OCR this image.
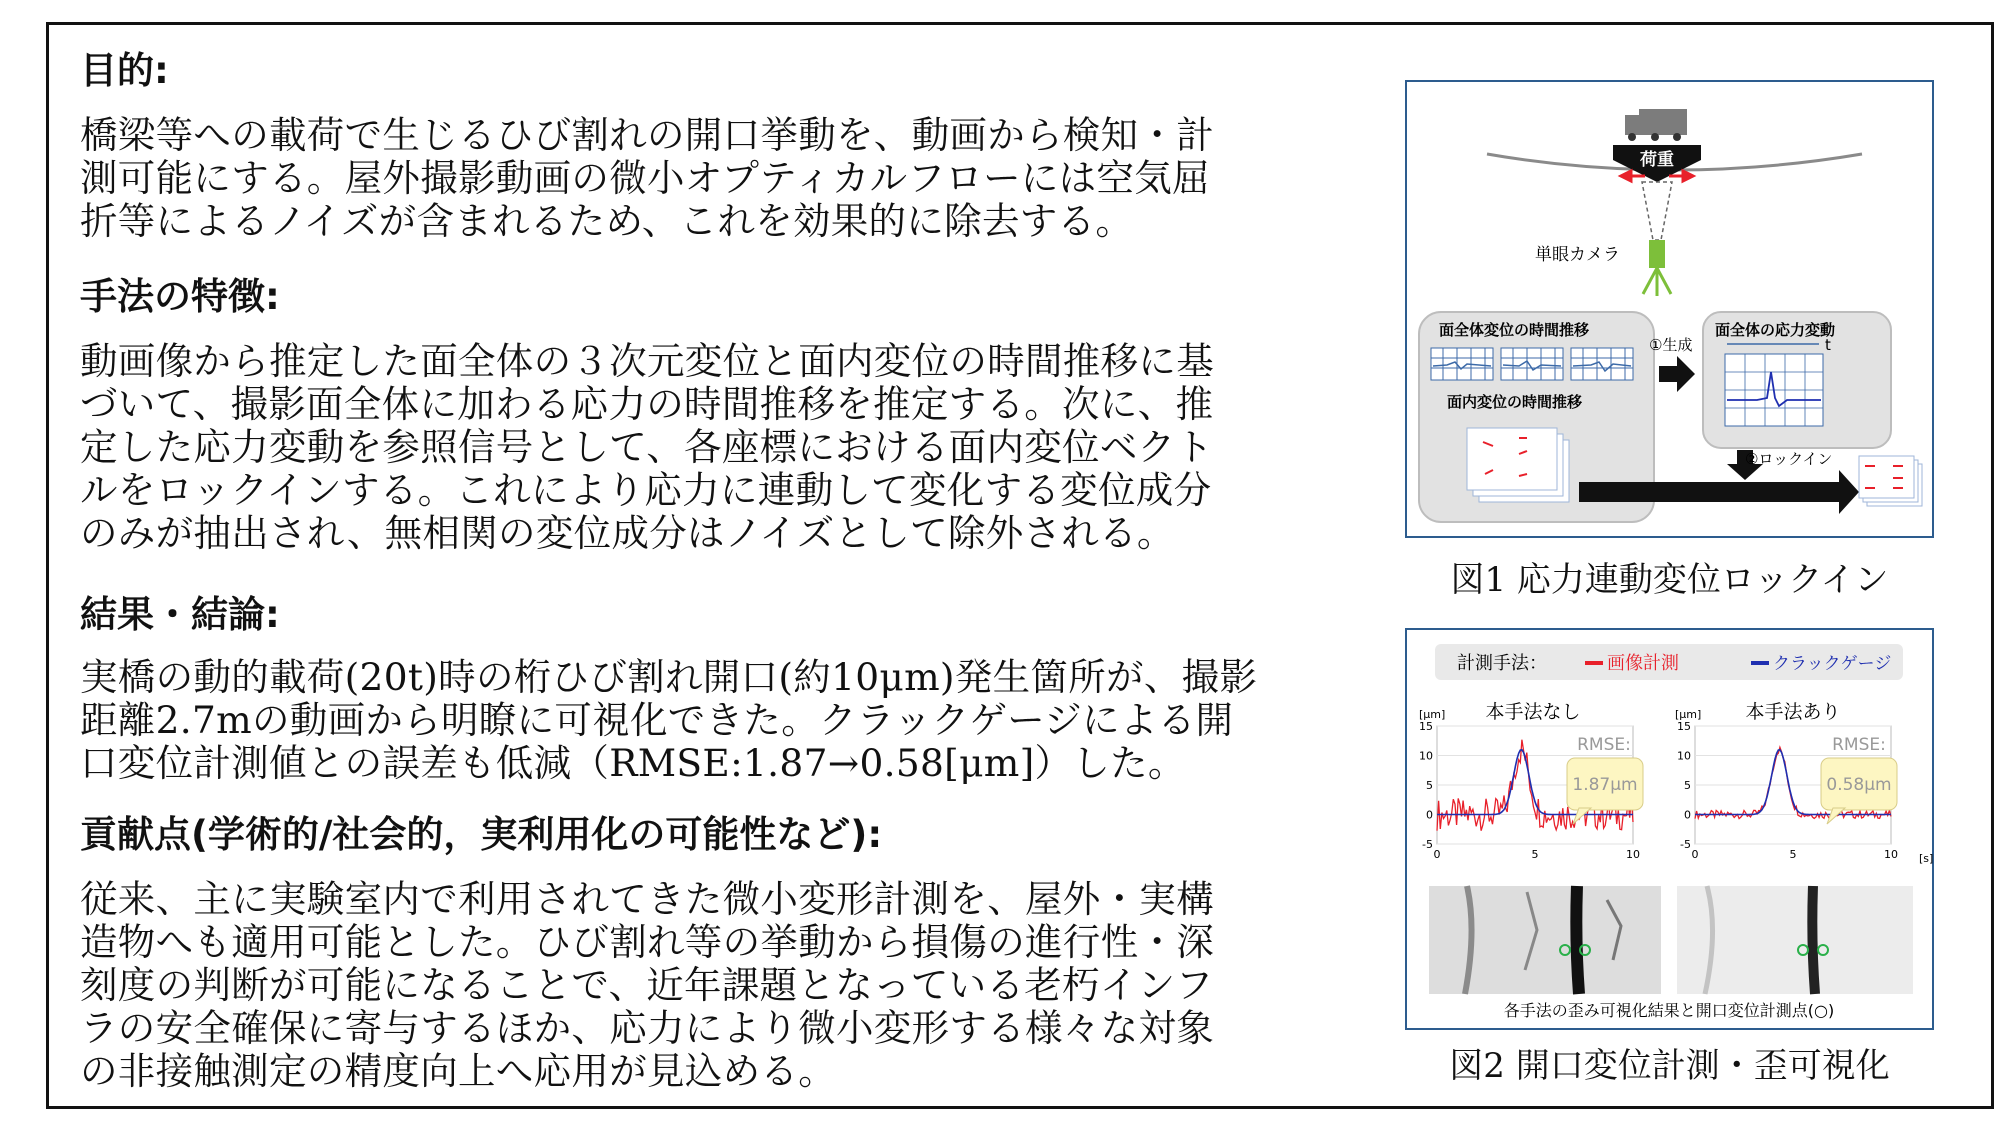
目的:
橋梁等への載荷で生じるひび割れの開口挙動を、動画から検知・計
測可能にする。屋外撮影動画の微小オプティカルフローには空気屈
折等によるノイズが含まれるため、これを効果的に除去する。
手法の特徴:
動画像から推定した面全体の３次元変位と面内変位の時間推移に基
づいて、撮影面全体に加わる応力の時間推移を推定する。次に、推
定した応力変動を参照信号として、各座標における面内変位ベクト
ルをロックインする。これにより応力に連動して変化する変位成分
のみが抽出され、無相関の変位成分はノイズとして除外される。
結果・結論:
実橋の動的載荷(20t)時の桁ひび割れ開口(約10μm)発生箇所が、撮影
距離2.7mの動画から明瞭に可視化できた。クラックゲージによる開
口変位計測値との誤差も低減（RMSE:1.87→0.58[μm]）した。
貢献点(学術的/社会的，実利用化の可能性など):
従来、主に実験室内で利用されてきた微小変形計測を、屋外・実構
造物へも適用可能とした。ひび割れ等の挙動から損傷の進行性・深
刻度の判断が可能になることで、近年課題となっている老朽インフ
ラの安全確保に寄与するほか、応力により微小変形する様々な対象
の非接触測定の精度向上へ応用が見込める。
荷重
単眼カメラ
面全体変位の時間推移
面内変位の時間推移
①生成
面全体の応力変動
t
②ロックイン
図1 応力連動変位ロックイン
計測手法：	画像計測	クラックゲージ
本手法なし	本手法あり
[μm]	[μm]
[s]
15
10
5
0
-5
0	5	10
15
10
5
0
-5
0	5	10
RMSE:
1.87μm
RMSE:
0.58μm
各手法の歪み可視化結果と開口変位計測点(○)
図2 開口変位計測・歪可視化
